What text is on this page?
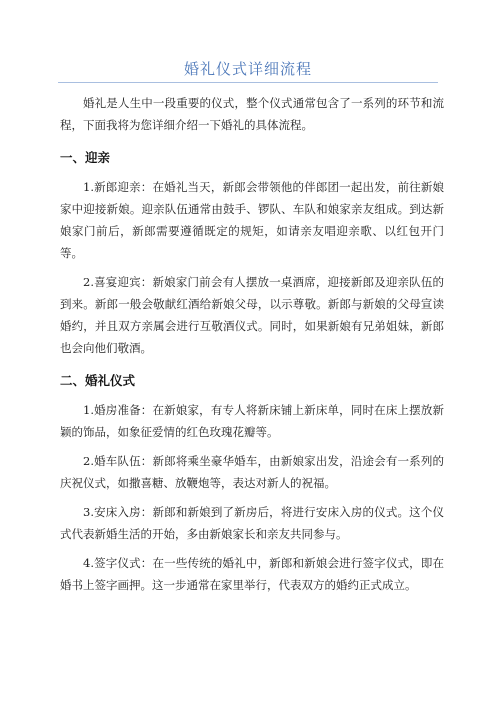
婚礼仪式详细流程

婚礼是人生中一段重要的仪式，整个仪式通常包含了一系列的环节和流程，下面我将为您详细介绍一下婚礼的具体流程。

一、迎亲

1.新郎迎亲：在婚礼当天，新郎会带领他的伴郎团一起出发，前往新娘家中迎接新娘。迎亲队伍通常由鼓手、锣队、车队和娘家亲友组成。到达新娘家门前后，新郎需要遵循既定的规矩，如请亲友唱迎亲歌、以红包开门等。

2.喜宴迎宾：新娘家门前会有人摆放一桌酒席，迎接新郎及迎亲队伍的到来。新郎一般会敬献红酒给新娘父母，以示尊敬。新郎与新娘的父母宣读婚约，并且双方亲属会进行互敬酒仪式。同时，如果新娘有兄弟姐妹，新郎也会向他们敬酒。

二、婚礼仪式

1.婚房准备：在新娘家，有专人将新床铺上新床单，同时在床上摆放新颖的饰品，如象征爱情的红色玫瑰花瓣等。

2.婚车队伍：新郎将乘坐豪华婚车，由新娘家出发，沿途会有一系列的庆祝仪式，如撒喜糖、放鞭炮等，表达对新人的祝福。

3.安床入房：新郎和新娘到了新房后，将进行安床入房的仪式。这个仪式代表新婚生活的开始，多由新娘家长和亲友共同参与。

4.签字仪式：在一些传统的婚礼中，新郎和新娘会进行签字仪式，即在婚书上签字画押。这一步通常在家里举行，代表双方的婚约正式成立。
